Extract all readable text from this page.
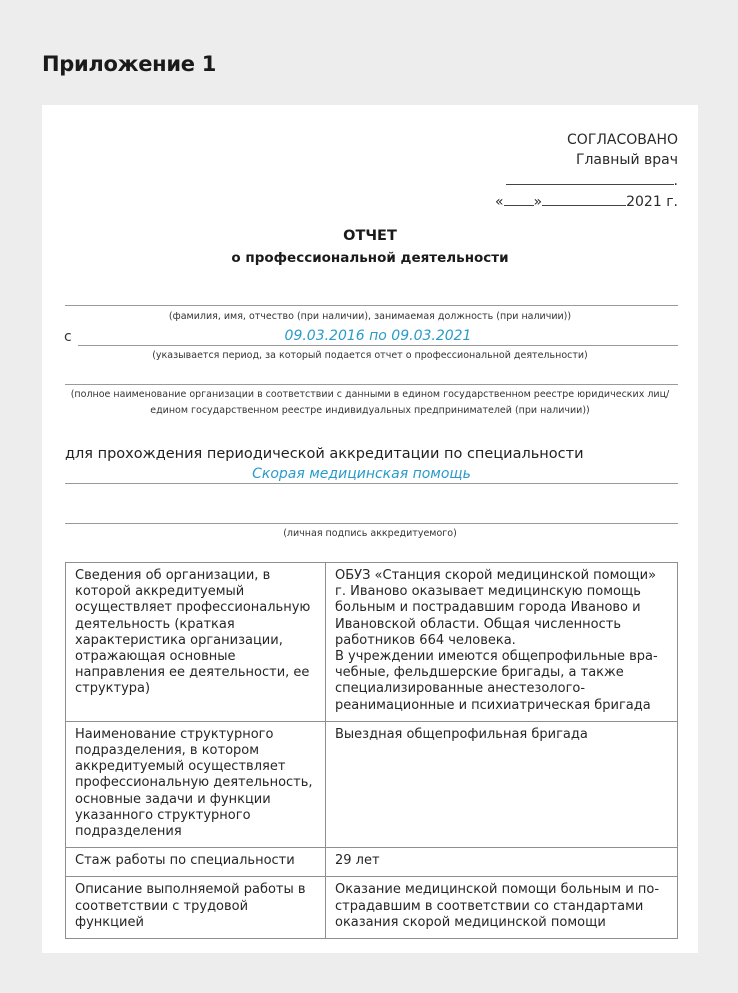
Приложение 1
СОГЛАСОВАНО
Главный врач
.
« »	2021 г.
ОТЧЕТ
о профессиональной деятельности
(фамилия, имя, отчество (при наличии), занимаемая должность (при наличии))
с	09.03.2016 по 09.03.2021
(указывается период, за который подается отчет о профессиональной деятельности)
(полное наименование организации в соответствии с данными в едином государственном реестре юридических лиц/
едином государственном реестре индивидуальных предпринимателей (при наличии))
для прохождения периодической аккредитации по специальности
Скорая медицинская помощь
(личная подпись аккредитуемого)
Сведения об организации, в которой аккредитуемый осуществляет профессиональную деятельность (краткая характеристика организации, отражающая основные направления ее деятельности, ее структура)	ОБУЗ «Станция скорой медицинской помощи» г. Иваново оказывает медицинскую помощь больным и пострадавшим города Иваново и Ивановской области. Общая численность работников 664 человека.
В учреждении имеются общепрофильные врачебные, фельдшерские бригады, а также специализированные анестезолого-реанимационные и психиатрическая бригада

Наименование структурного подразделения, в котором аккредитуемый осуществляет профессиональную деятельность, основные задачи и функции указанного структурного подразделения	Выездная общепрофильная бригада
Стаж работы по специальности	29 лет
Описание выполняемой работы в соответствии с трудовой функцией	Оказание медицинской помощи больным и пострадавшим в соответствии со стандартами оказания скорой медицинской помощи
